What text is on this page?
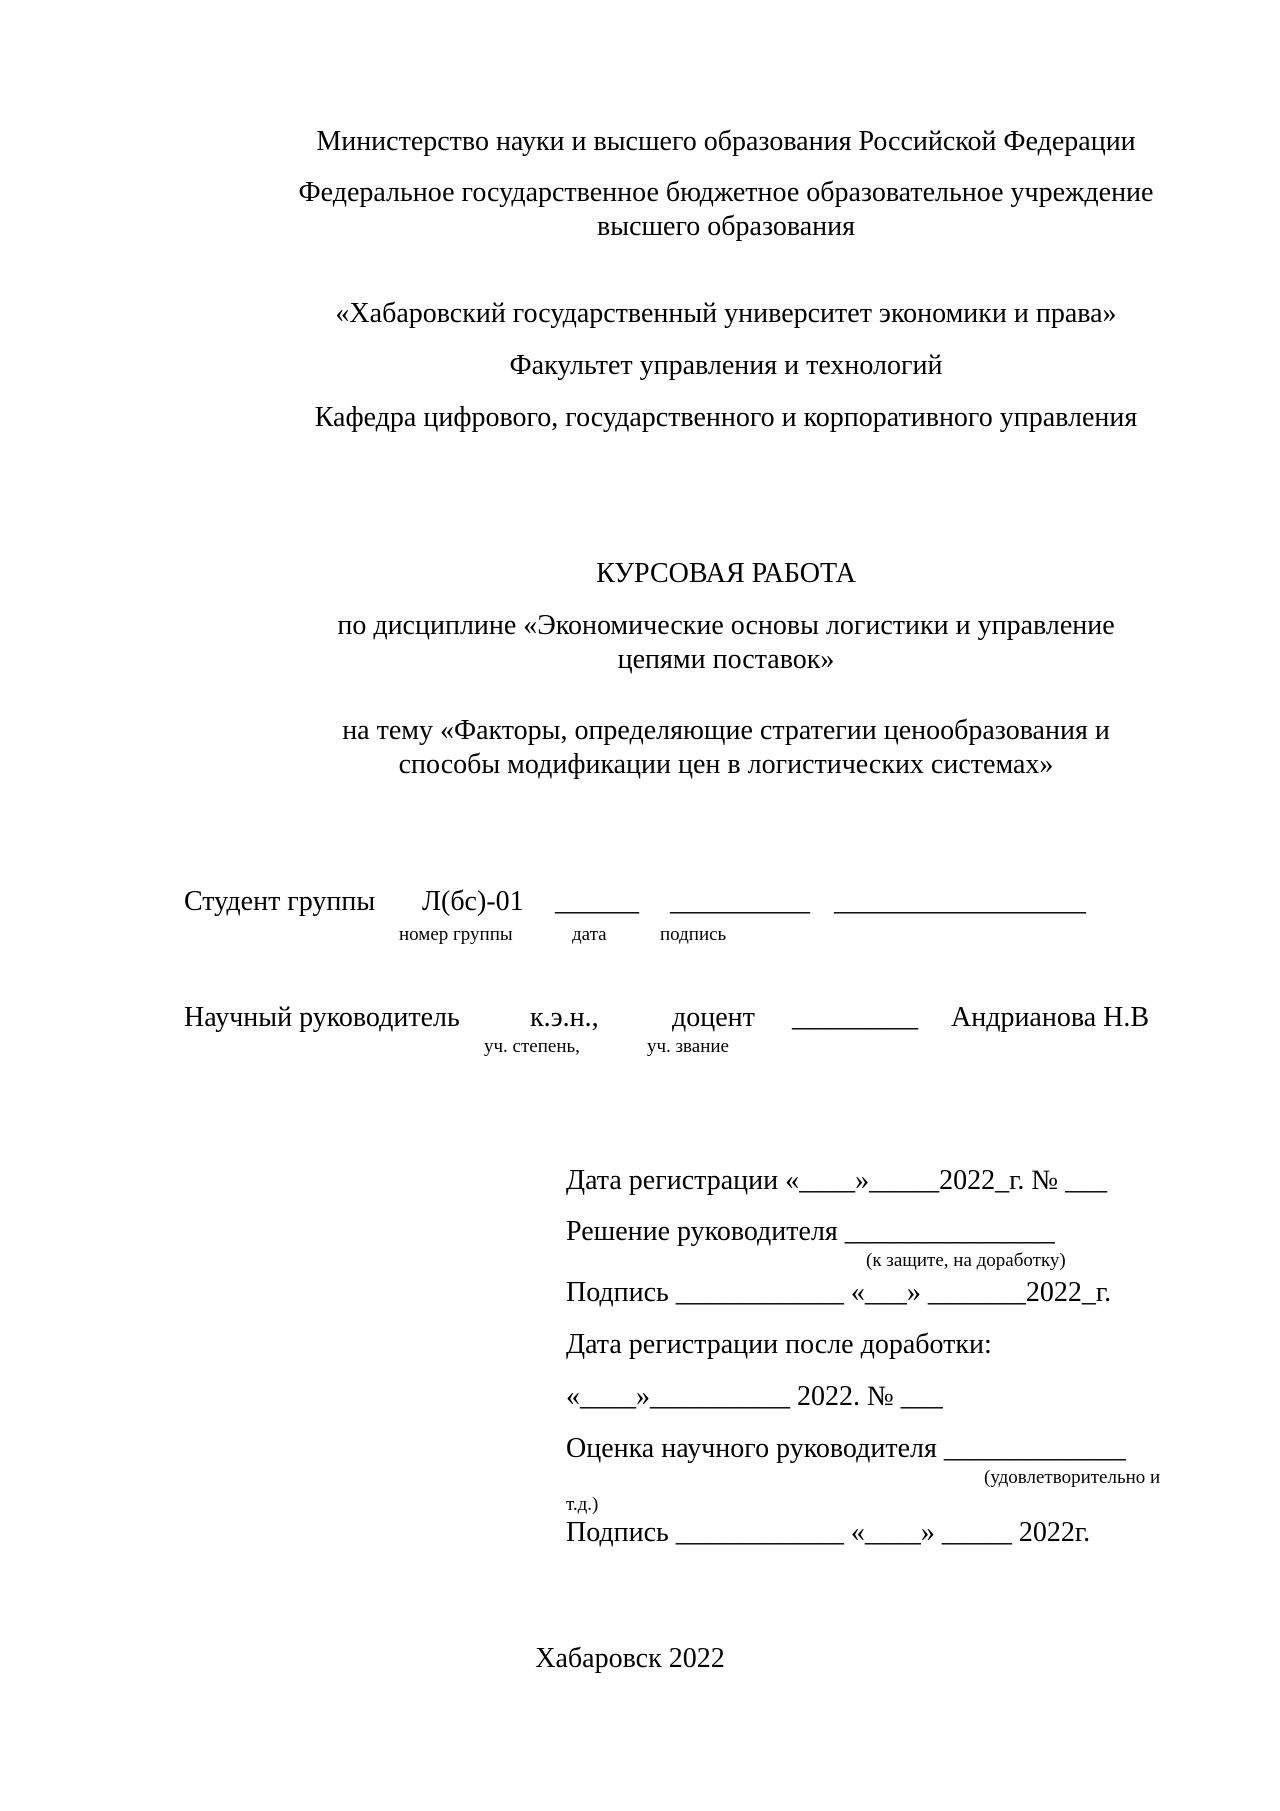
Министерство науки и высшего образования Российской Федерации
Федеральное государственное бюджетное образовательное учреждение
высшего образования
«Хабаровский государственный университет экономики и права»
Факультет управления и технологий
Кафедра цифрового, государственного и корпоративного управления
КУРСОВАЯ РАБОТА
по дисциплине «Экономические основы логистики и управление
цепями поставок»
на тему «Факторы, определяющие стратегии ценообразования и
способы модификации цен в логистических системах»
Студент группы Л(бс)-01 ______ __________ __________________
номер группы	дата	подпись
Научный руководитель	к.э.н.,	доцент _________ Андрианова Н.В
уч. степень,	уч. звание
Дата регистрации «____»_____2022_г. № ___
Решение руководителя _______________
(к защите, на доработку)
Подпись ____________ «___» _______2022_г.
Дата регистрации после доработки:
«____»__________ 2022. № ___
Оценка научного руководителя _____________
(удовлетворительно и
т.д.)
Подпись ____________ «____» _____ 2022г.
Хабаровск 2022
